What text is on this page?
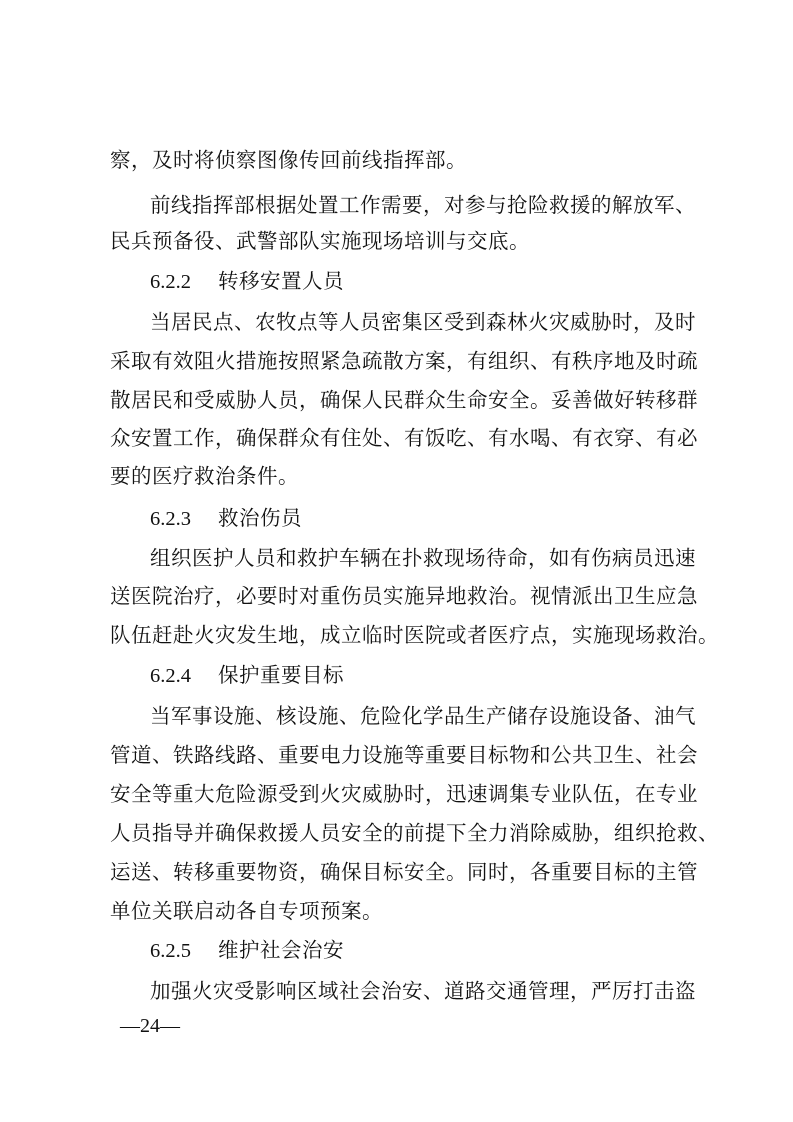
察，及时将侦察图像传回前线指挥部。
前线指挥部根据处置工作需要，对参与抢险救援的解放军、
民兵预备役、武警部队实施现场培训与交底。
6.2.2 转移安置人员
当居民点、农牧点等人员密集区受到森林火灾威胁时，及时
采取有效阻火措施按照紧急疏散方案，有组织、有秩序地及时疏
散居民和受威胁人员，确保人民群众生命安全。妥善做好转移群
众安置工作，确保群众有住处、有饭吃、有水喝、有衣穿、有必
要的医疗救治条件。
6.2.3 救治伤员
组织医护人员和救护车辆在扑救现场待命，如有伤病员迅速
送医院治疗，必要时对重伤员实施异地救治。视情派出卫生应急
队伍赶赴火灾发生地，成立临时医院或者医疗点，实施现场救治。
6.2.4 保护重要目标
当军事设施、核设施、危险化学品生产储存设施设备、油气
管道、铁路线路、重要电力设施等重要目标物和公共卫生、社会
安全等重大危险源受到火灾威胁时，迅速调集专业队伍，在专业
人员指导并确保救援人员安全的前提下全力消除威胁，组织抢救、
运送、转移重要物资，确保目标安全。同时，各重要目标的主管
单位关联启动各自专项预案。
6.2.5 维护社会治安
加强火灾受影响区域社会治安、道路交通管理，严厉打击盗
—24—
